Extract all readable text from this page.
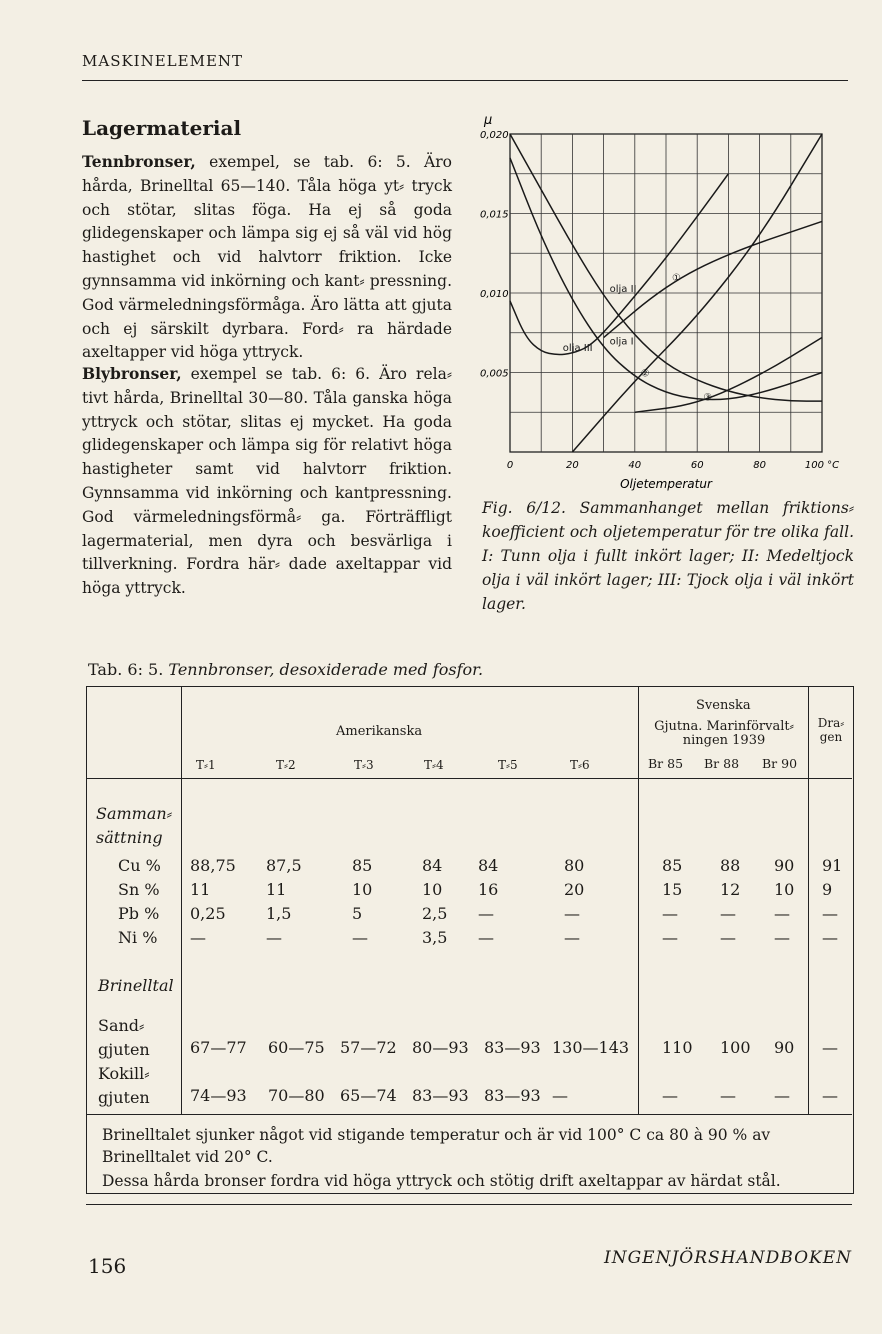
MASKINELEMENT
Lagermaterial
Tennbronser, exempel, se tab. 6: 5. Äro hårda, Brinelltal 65—140. Tåla höga yt⸗ tryck och stötar, slitas föga. Ha ej så goda glidegenskaper och lämpa sig ej så väl vid hög hastighet och vid halvtorr friktion. Icke gynnsamma vid inkörning och kant⸗ pressning. God värmeledningsförmåga. Äro lätta att gjuta och ej särskilt dyrbara. Ford⸗ ra härdade axeltapper vid höga yttryck.
Blybronser, exempel se tab. 6: 6. Äro rela⸗ tivt hårda, Brinelltal 30—80. Tåla ganska höga yttryck och stötar, slitas ej mycket. Ha goda glidegenskaper och lämpa sig för relativt höga hastigheter samt vid halvtorr friktion. Gynnsamma vid inkörning och kantpressning. God värmeledningsförmå⸗ ga. Förträffligt lagermaterial, men dyra och besvärliga i tillverkning. Fordra här⸗ dade axeltappar vid höga yttryck.
μ
0,020
0,015
0,010
0,005
0	20	40	60	80	100 °C
olja I
olja II
olja III
①
②
③
Oljetemperatur
Fig. 6/12. Sammanhanget mellan friktions⸗ koefficient och oljetemperatur för tre olika fall. I: Tunn olja i fullt inkört lager; II: Medeltjock olja i väl inkört lager; III: Tjock olja i väl inkört lager.
Tab. 6: 5. Tennbronser, desoxiderade med fosfor.
Amerikanska
Svenska
Gjutna. Marinförvalt⸗ ningen 1939
Dra⸗ gen
T⸗1	T⸗2	T⸗3	T⸗4	T⸗5	T⸗6	Br 85 Br 88 Br 90
Samman⸗ sättning
Brinelltal
Cu % 88,75 87,5	85	84 84	80	85 88 90 91
Sn % 11	11	10	10 16	20	15 12 10 9
Pb % 0,25	1,5	5	2,5 —	—	—	— — —
Ni % —	—	—	3,5 —	—	—	— — —
Sand⸗ gjuten	67—77 60—75 57—72 80—93 83—93 130—143 110 100 90 —
Kokill⸗ gjuten	74—93 70—80 65—74 83—93 83—93 —	—	— — —
Brinelltalet sjunker något vid stigande temperatur och är vid 100° C ca 80 à 90 % av Brinelltalet vid 20° C.
Dessa hårda bronser fordra vid höga yttryck och stötig drift axeltappar av härdat stål.
156	INGENJÖRSHANDBOKEN
